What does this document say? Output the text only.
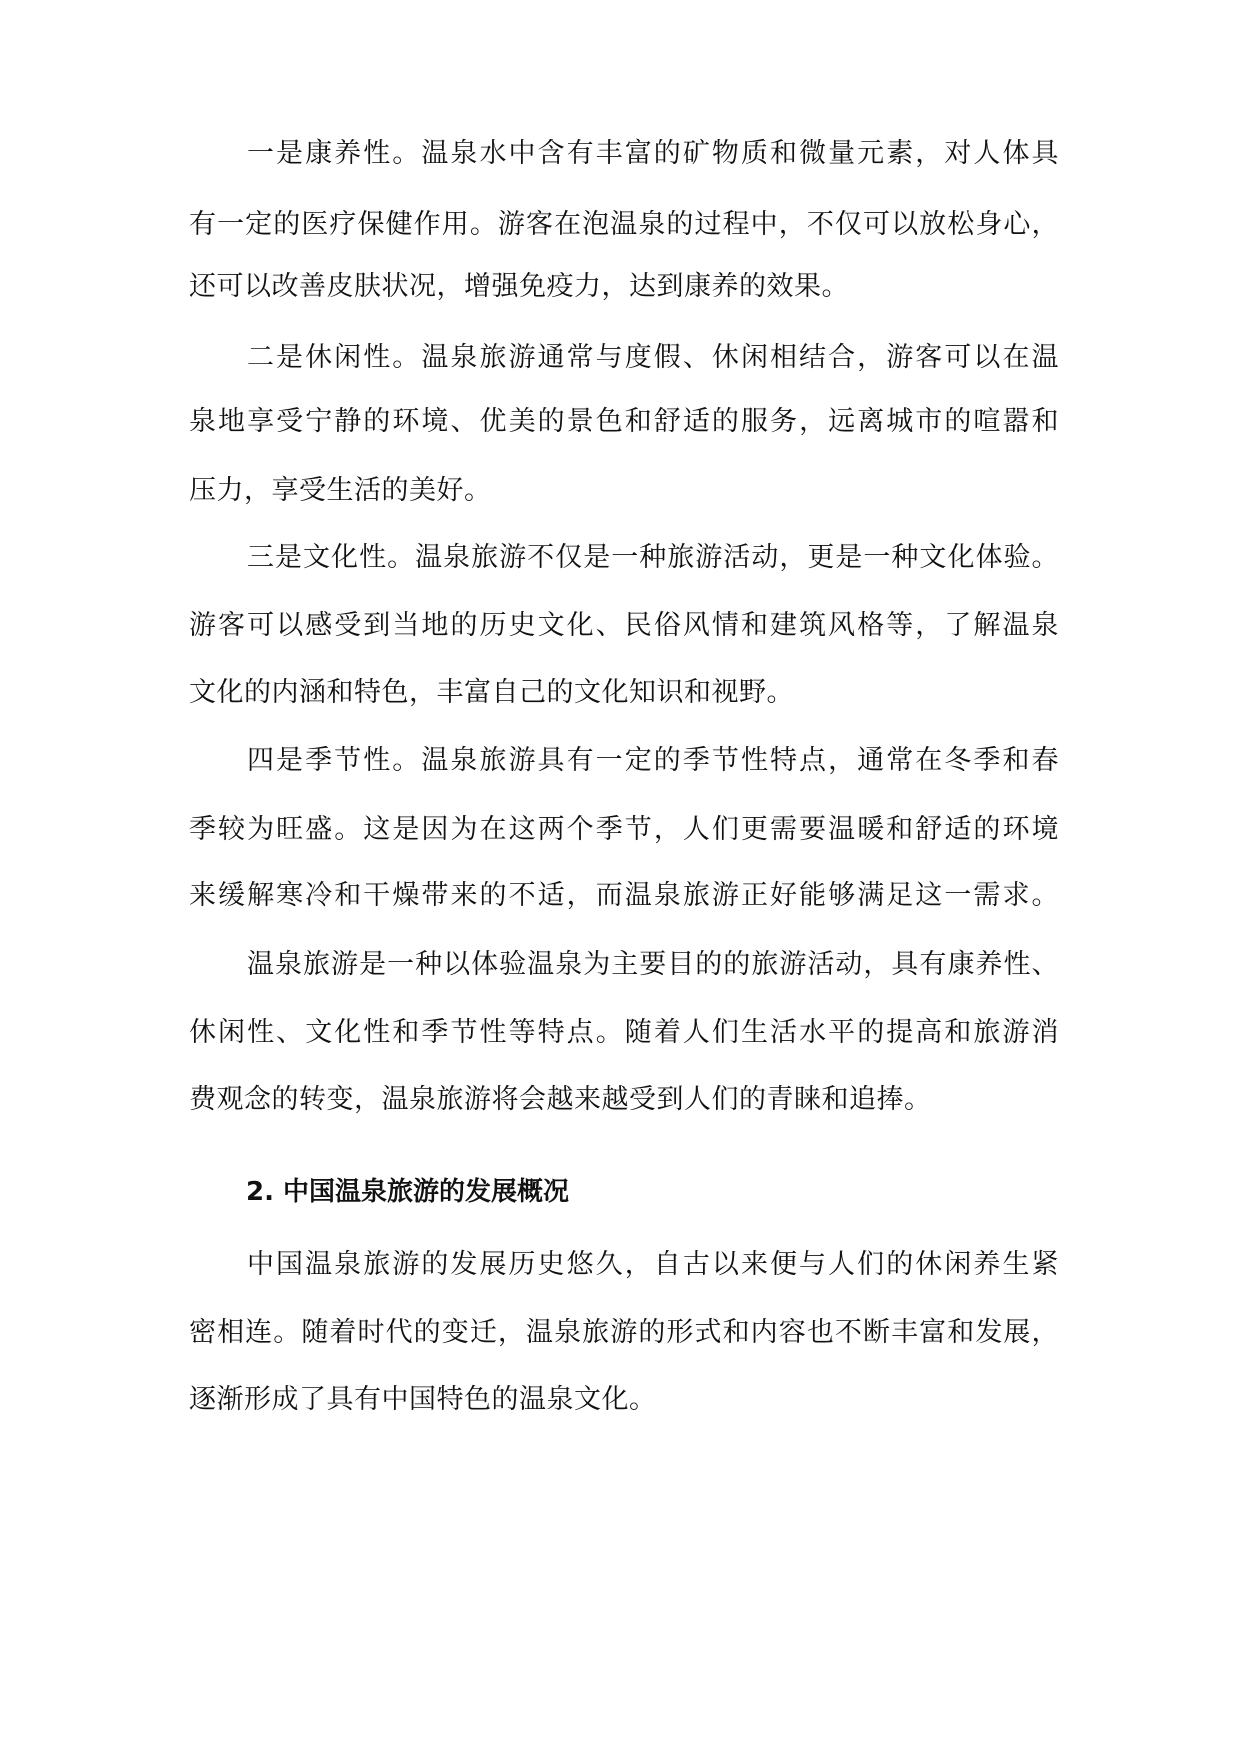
一是康养性。温泉水中含有丰富的矿物质和微量元素，对人体具
有一定的医疗保健作用。游客在泡温泉的过程中，不仅可以放松身心，
还可以改善皮肤状况，增强免疫力，达到康养的效果。
二是休闲性。温泉旅游通常与度假、休闲相结合，游客可以在温
泉地享受宁静的环境、优美的景色和舒适的服务，远离城市的喧嚣和
压力，享受生活的美好。
三是文化性。温泉旅游不仅是一种旅游活动，更是一种文化体验。
游客可以感受到当地的历史文化、民俗风情和建筑风格等，了解温泉
文化的内涵和特色，丰富自己的文化知识和视野。
四是季节性。温泉旅游具有一定的季节性特点，通常在冬季和春
季较为旺盛。这是因为在这两个季节，人们更需要温暖和舒适的环境
来缓解寒冷和干燥带来的不适，而温泉旅游正好能够满足这一需求。
温泉旅游是一种以体验温泉为主要目的的旅游活动，具有康养性、
休闲性、文化性和季节性等特点。随着人们生活水平的提高和旅游消
费观念的转变，温泉旅游将会越来越受到人们的青睐和追捧。
2. 中国温泉旅游的发展概况
中国温泉旅游的发展历史悠久，自古以来便与人们的休闲养生紧
密相连。随着时代的变迁，温泉旅游的形式和内容也不断丰富和发展，
逐渐形成了具有中国特色的温泉文化。
